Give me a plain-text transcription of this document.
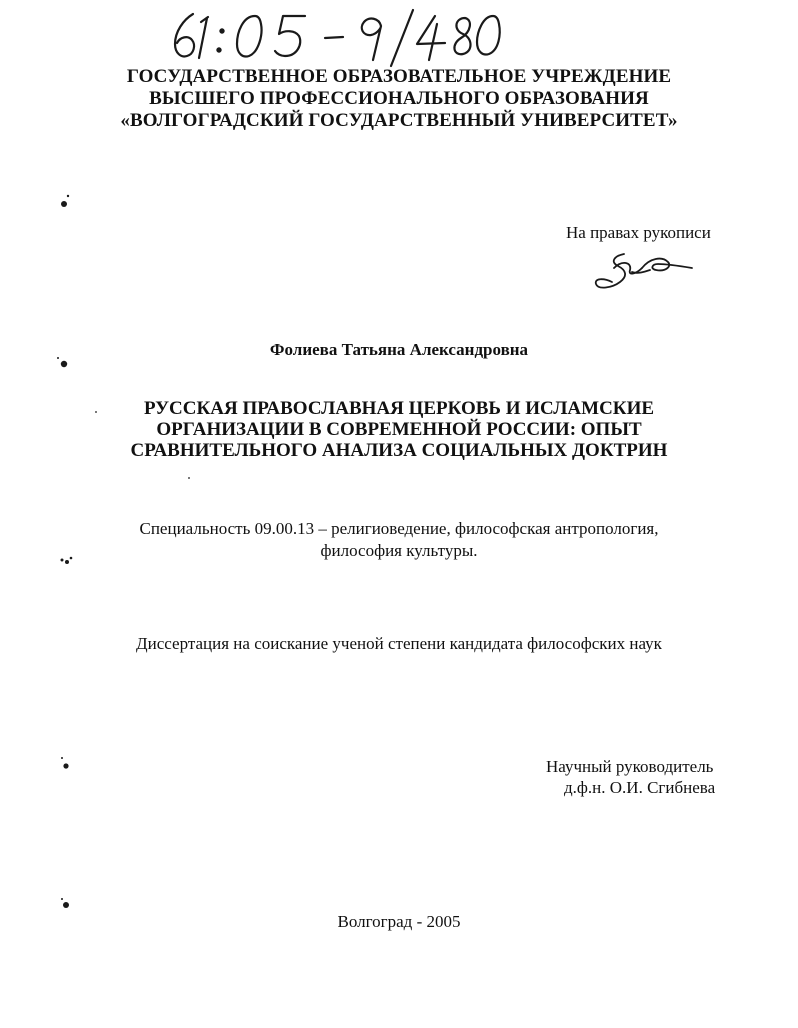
ГОСУДАРСТВЕННОЕ ОБРАЗОВАТЕЛЬНОЕ УЧРЕЖДЕНИЕ
ВЫСШЕГО ПРОФЕССИОНАЛЬНОГО ОБРАЗОВАНИЯ
«ВОЛГОГРАДСКИЙ ГОСУДАРСТВЕННЫЙ УНИВЕРСИТЕТ»
На правах рукописи
Фолиева Татьяна Александровна
РУССКАЯ ПРАВОСЛАВНАЯ ЦЕРКОВЬ И ИСЛАМСКИЕ
ОРГАНИЗАЦИИ В СОВРЕМЕННОЙ РОССИИ: ОПЫТ
СРАВНИТЕЛЬНОГО АНАЛИЗА СОЦИАЛЬНЫХ ДОКТРИН
Специальность 09.00.13 – религиоведение, философская антропология,
философия культуры.
Диссертация на соискание ученой степени кандидата философских наук
Научный руководитель
д.ф.н. О.И. Сгибнева
Волгоград - 2005
